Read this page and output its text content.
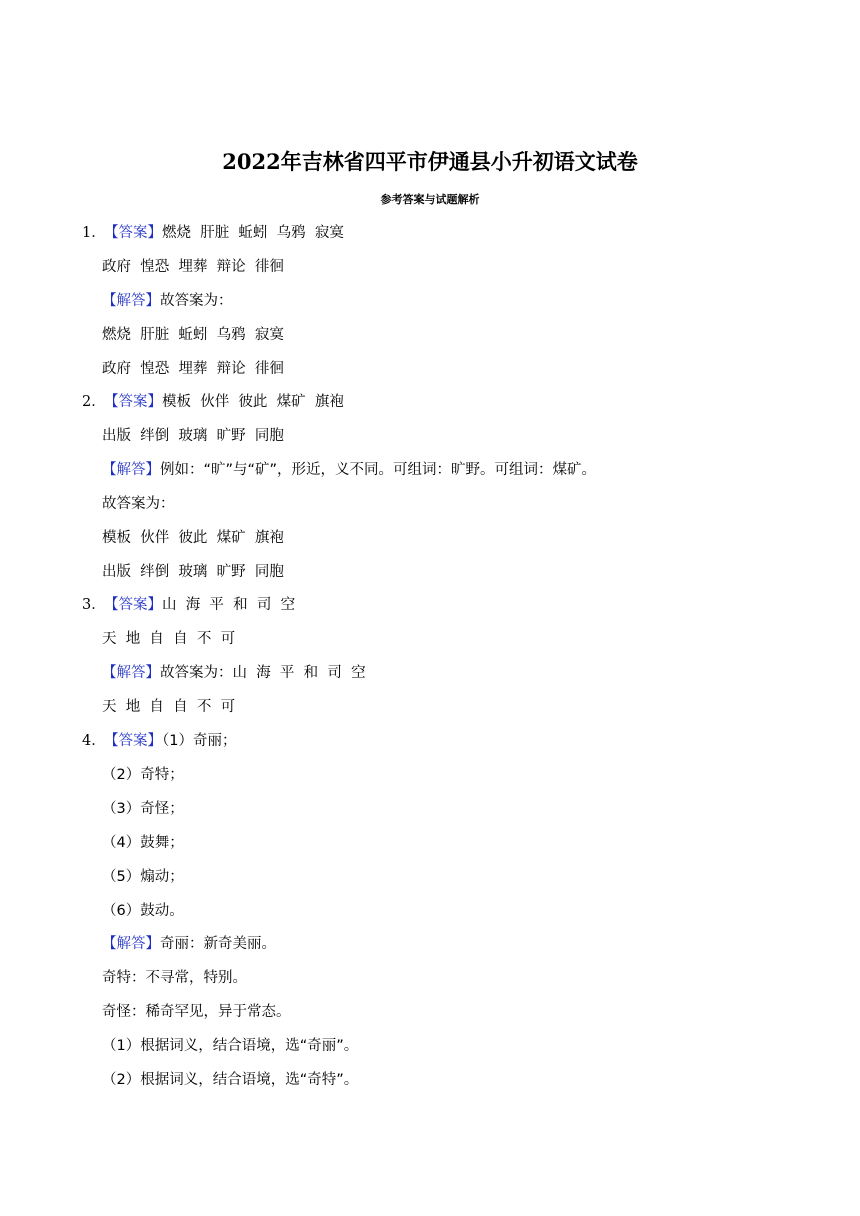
2022年吉林省四平市伊通县小升初语文试卷
参考答案与试题解析
1．
【答案】燃烧  肝脏  蚯蚓  乌鸦  寂寞
政府  惶恐  埋葬  辩论  徘徊
【解答】故答案为：
燃烧  肝脏  蚯蚓  乌鸦  寂寞
政府  惶恐  埋葬  辩论  徘徊
2．
【答案】模板  伙伴  彼此  煤矿  旗袍
出版  绊倒  玻璃  旷野  同胞
【解答】例如：“旷”与“矿”，形近，义不同。可组词：旷野。可组词：煤矿。
故答案为：
模板  伙伴  彼此  煤矿  旗袍
出版  绊倒  玻璃  旷野  同胞
3．
【答案】山  海  平  和  司  空
天  地  自  自  不  可
【解答】故答案为：山  海  平  和  司  空
天  地  自  自  不  可
4．
【答案】（1）奇丽；
（2）奇特；
（3）奇怪；
（4）鼓舞；
（5）煽动；
（6）鼓动。
【解答】奇丽：新奇美丽。
奇特：不寻常，特别。
奇怪：稀奇罕见，异于常态。
（1）根据词义，结合语境，选“奇丽”。
（2）根据词义，结合语境，选“奇特”。
